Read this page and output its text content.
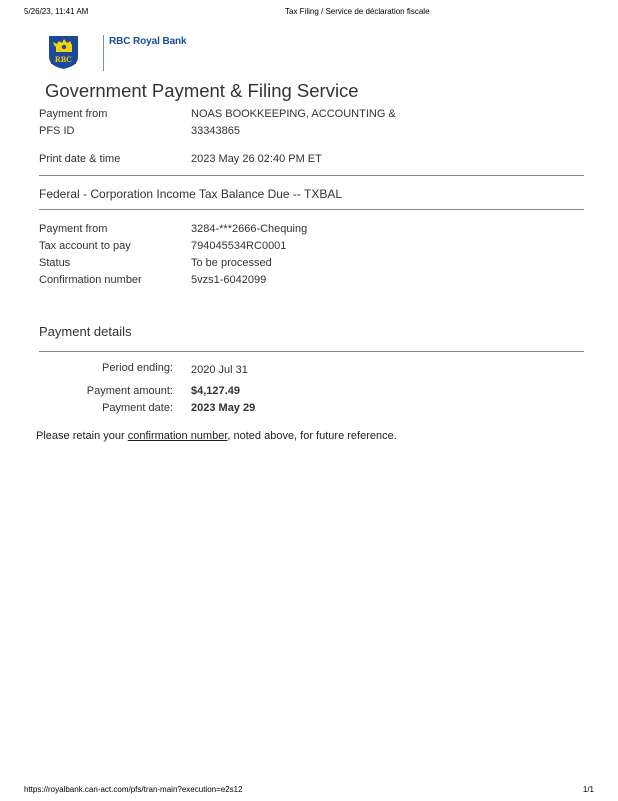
5/26/23, 11:41 AM	Tax Filing / Service de déclaration fiscale
RBC
RBC Royal Bank
Government Payment & Filing Service
Payment from	NOAS BOOKKEEPING, ACCOUNTING &
PFS ID	33343865
Print date & time	2023 May 26 02:40 PM ET
Federal - Corporation Income Tax Balance Due -- TXBAL
Payment from	3284-***2666-Chequing
Tax account to pay	794045534RC0001
Status	To be processed
Confirmation number	5vzs1-6042099
Payment details
Period ending: 2020 Jul 31
Payment amount: $4,127.49
Payment date: 2023 May 29
Please retain your confirmation number, noted above, for future reference.
https://royalbank.can-act.com/pfs/tran-main?execution=e2s12	1/1
